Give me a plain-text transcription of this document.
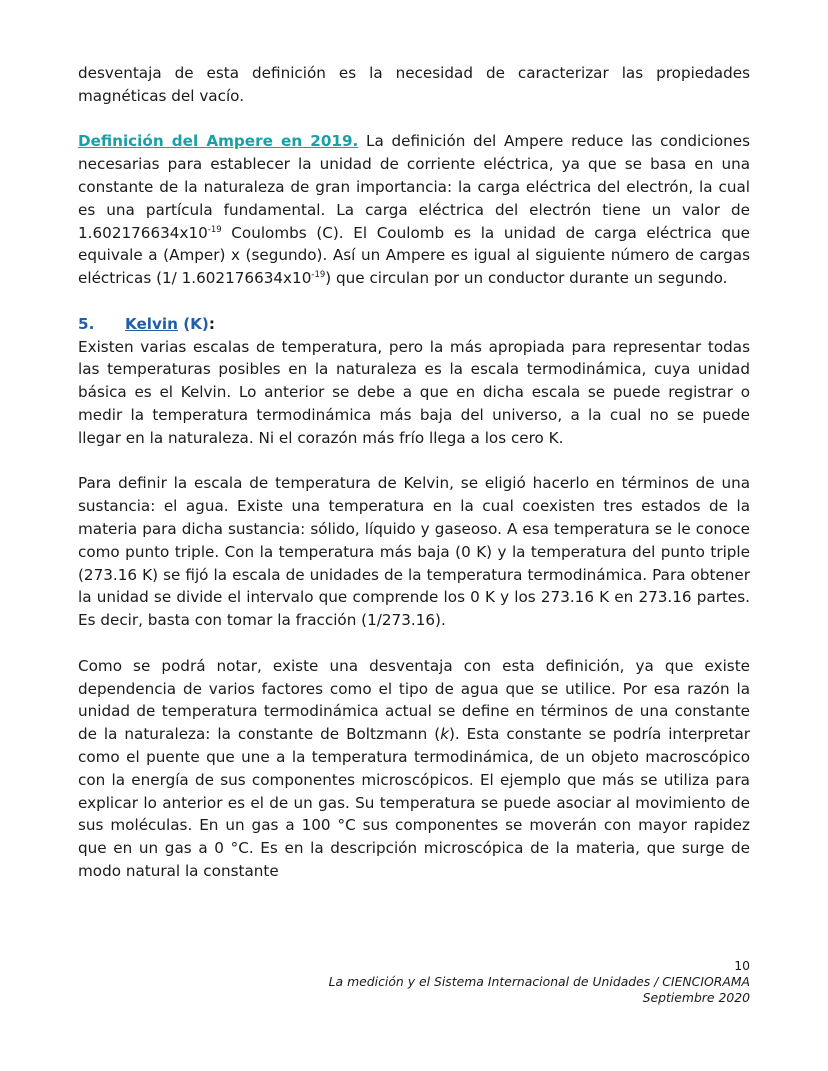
desventaja de esta definición es la necesidad de caracterizar las propiedades magnéticas del vacío.

Definición del Ampere en 2019. La definición del Ampere reduce las condiciones necesarias para establecer la unidad de corriente eléctrica, ya que se basa en una constante de la naturaleza de gran importancia: la carga eléctrica del electrón, la cual es una partícula fundamental. La carga eléctrica del electrón tiene un valor de $1.602176634x10^{-19}$ Coulombs (C). El Coulomb es la unidad de carga eléctrica que equivale a (Amper) x (segundo). Así un Ampere es igual al siguiente número de cargas eléctricas (1/ $1.602176634x10^{-19}$) que circulan por un conductor durante un segundo.

5. Kelvin (K):

Existen varias escalas de temperatura, pero la más apropiada para representar todas las temperaturas posibles en la naturaleza es la escala termodinámica, cuya unidad básica es el Kelvin. Lo anterior se debe a que en dicha escala se puede registrar o medir la temperatura termodinámica más baja del universo, a la cual no se puede llegar en la naturaleza. Ni el corazón más frío llega a los cero K.

Para definir la escala de temperatura de Kelvin, se eligió hacerlo en términos de una sustancia: el agua. Existe una temperatura en la cual coexisten tres estados de la materia para dicha sustancia: sólido, líquido y gaseoso. A esa temperatura se le conoce como punto triple. Con la temperatura más baja (0 K) y la temperatura del punto triple (273.16 K) se fijó la escala de unidades de la temperatura termodinámica. Para obtener la unidad se divide el intervalo que comprende los 0 K y los 273.16 K en 273.16 partes. Es decir, basta con tomar la fracción (1/273.16).

Como se podrá notar, existe una desventaja con esta definición, ya que existe dependencia de varios factores como el tipo de agua que se utilice. Por esa razón la unidad de temperatura termodinámica actual se define en términos de una constante de la naturaleza: la constante de Boltzmann (k). Esta constante se podría interpretar como el puente que une a la temperatura termodinámica, de un objeto macroscópico con la energía de sus componentes microscópicos. El ejemplo que más se utiliza para explicar lo anterior es el de un gas. Su temperatura se puede asociar al movimiento de sus moléculas. En un gas a 100 °C sus componentes se moverán con mayor rapidez que en un gas a 0 °C. Es en la descripción microscópica de la materia, que surge de modo natural la constante

10
La medición y el Sistema Internacional de Unidades / CIENCIORAMA
Septiembre 2020
